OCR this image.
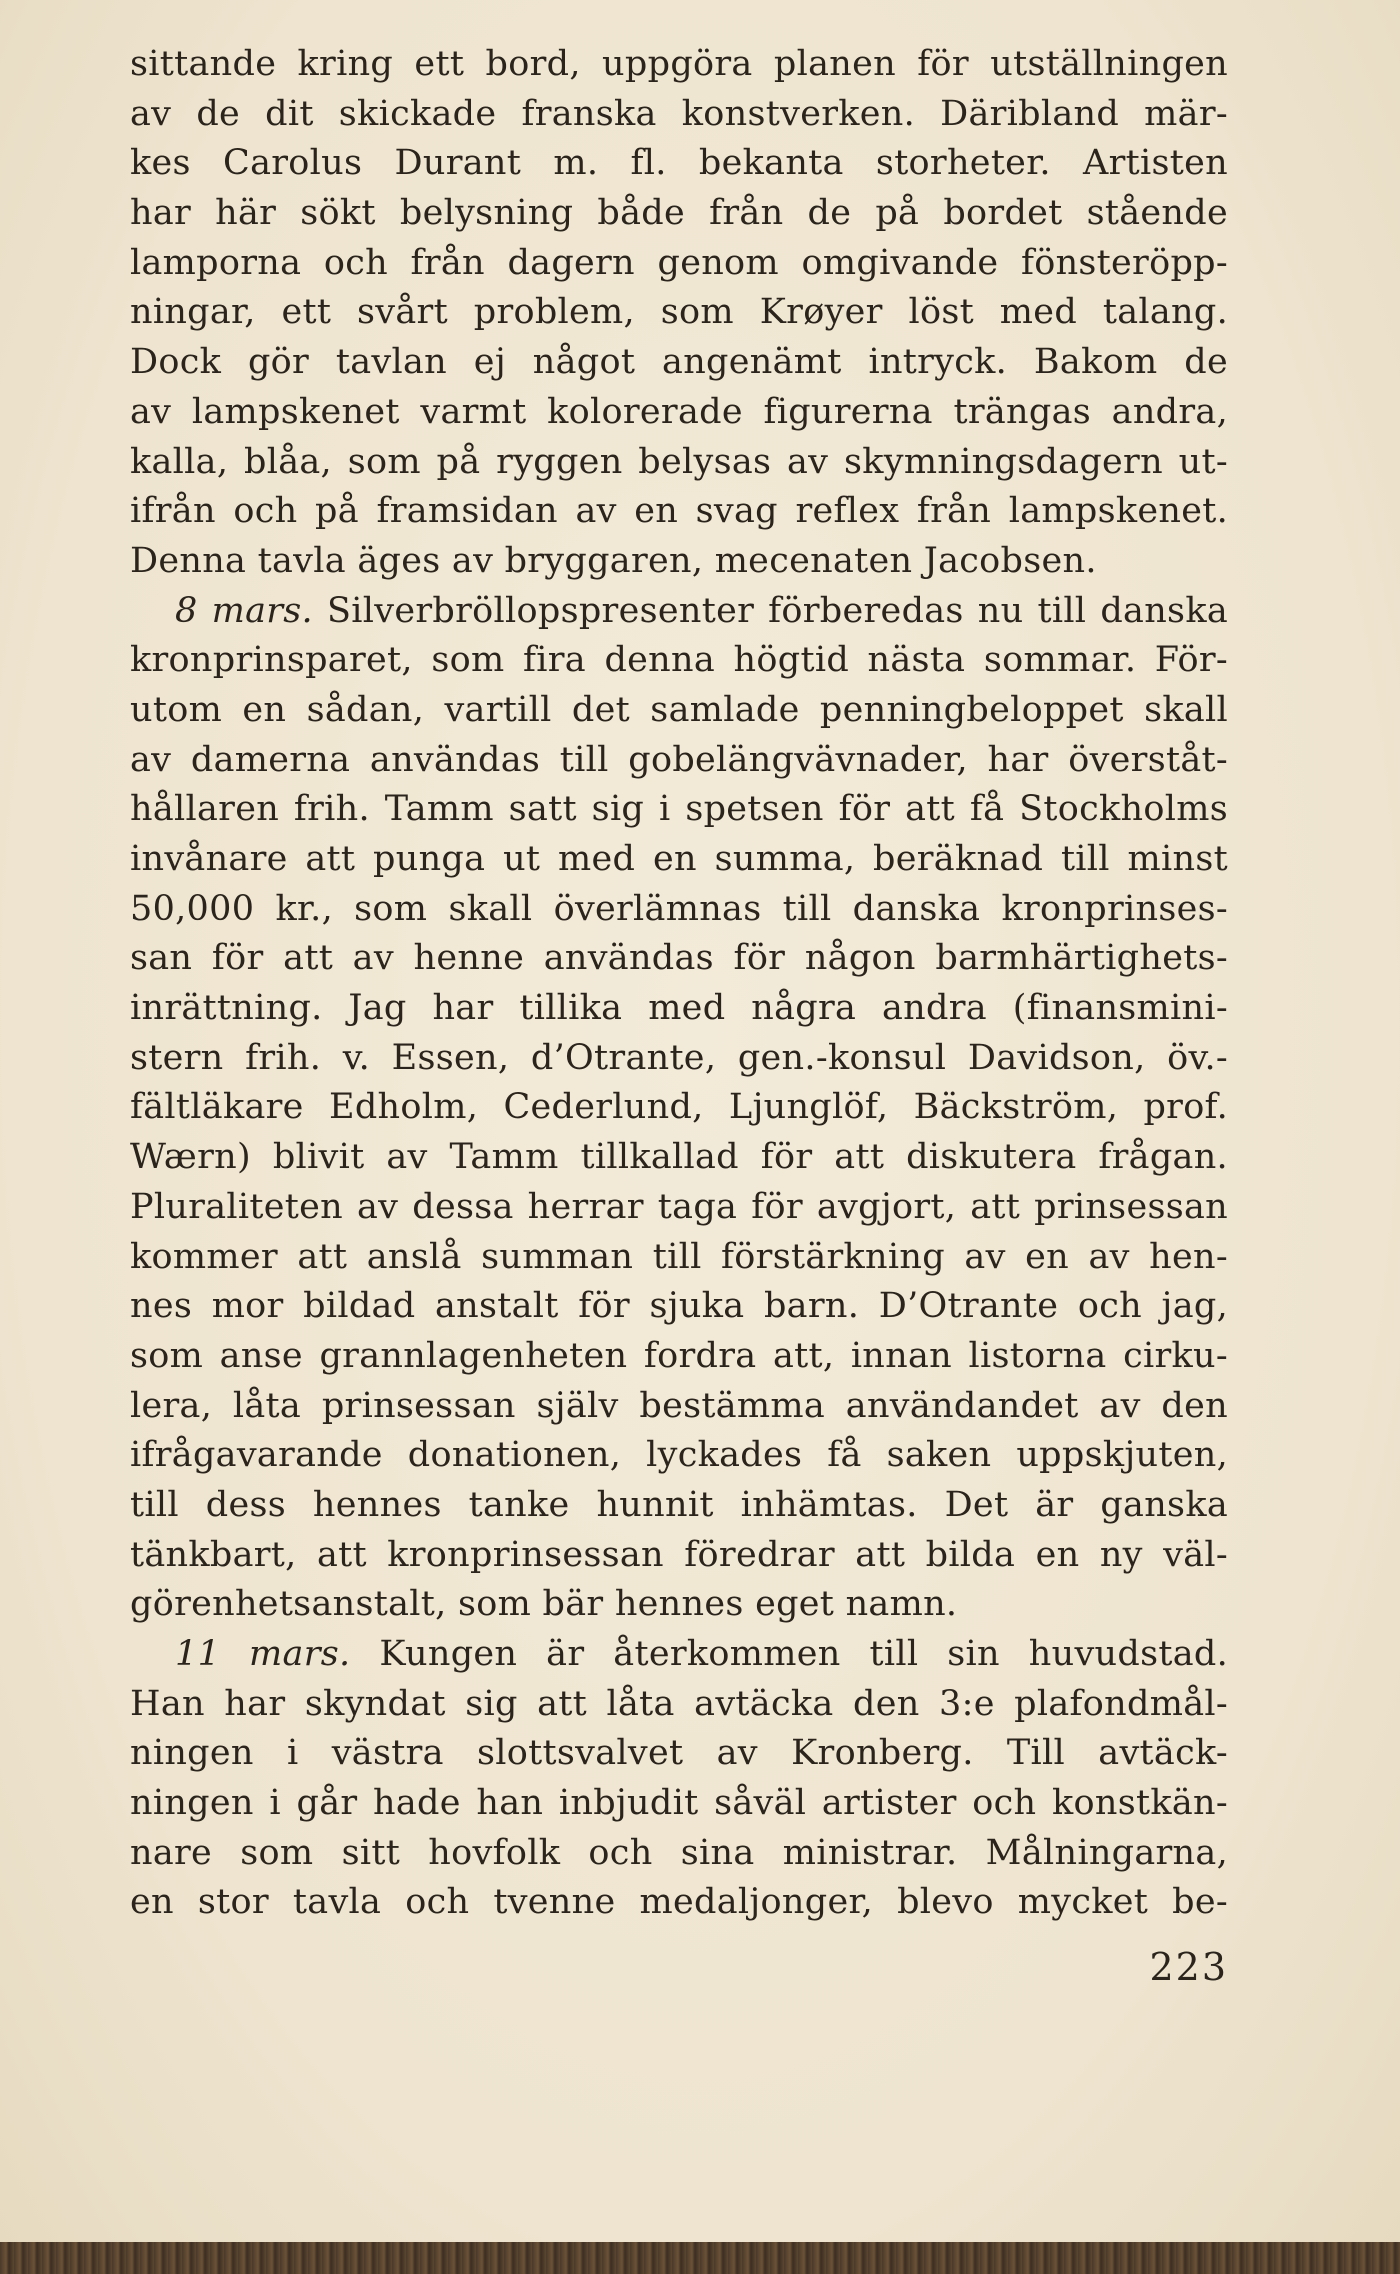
sittande kring ett bord, uppgöra planen för utställningen
av de dit skickade franska konstverken. Däribland mär-
kes Carolus Durant m. fl. bekanta storheter. Artisten
har här sökt belysning både från de på bordet stående
lamporna och från dagern genom omgivande fönsteröpp-
ningar, ett svårt problem, som Krøyer löst med talang.
Dock gör tavlan ej något angenämt intryck. Bakom de
av lampskenet varmt kolorerade figurerna trängas andra,
kalla, blåa, som på ryggen belysas av skymningsdagern ut-
ifrån och på framsidan av en svag reflex från lampskenet.
Denna tavla äges av bryggaren, mecenaten Jacobsen.
8 mars. Silverbröllopspresenter förberedas nu till danska
kronprinsparet, som fira denna högtid nästa sommar. För-
utom en sådan, vartill det samlade penningbeloppet skall
av damerna användas till gobelängvävnader, har överståt-
hållaren frih. Tamm satt sig i spetsen för att få Stockholms
invånare att punga ut med en summa, beräknad till minst
50,000 kr., som skall överlämnas till danska kronprinses-
san för att av henne användas för någon barmhärtighets-
inrättning. Jag har tillika med några andra (finansmini-
stern frih. v. Essen, d’Otrante, gen.-konsul Davidson, öv.-
fältläkare Edholm, Cederlund, Ljunglöf, Bäckström, prof.
Wærn) blivit av Tamm tillkallad för att diskutera frågan.
Pluraliteten av dessa herrar taga för avgjort, att prinsessan
kommer att anslå summan till förstärkning av en av hen-
nes mor bildad anstalt för sjuka barn. D’Otrante och jag,
som anse grannlagenheten fordra att, innan listorna cirku-
lera, låta prinsessan själv bestämma användandet av den
ifrågavarande donationen, lyckades få saken uppskjuten,
till dess hennes tanke hunnit inhämtas. Det är ganska
tänkbart, att kronprinsessan föredrar att bilda en ny väl-
görenhetsanstalt, som bär hennes eget namn.
11 mars. Kungen är återkommen till sin huvudstad.
Han har skyndat sig att låta avtäcka den 3:e plafondmål-
ningen i västra slottsvalvet av Kronberg. Till avtäck-
ningen i går hade han inbjudit såväl artister och konstkän-
nare som sitt hovfolk och sina ministrar. Målningarna,
en stor tavla och tvenne medaljonger, blevo mycket be-
223
